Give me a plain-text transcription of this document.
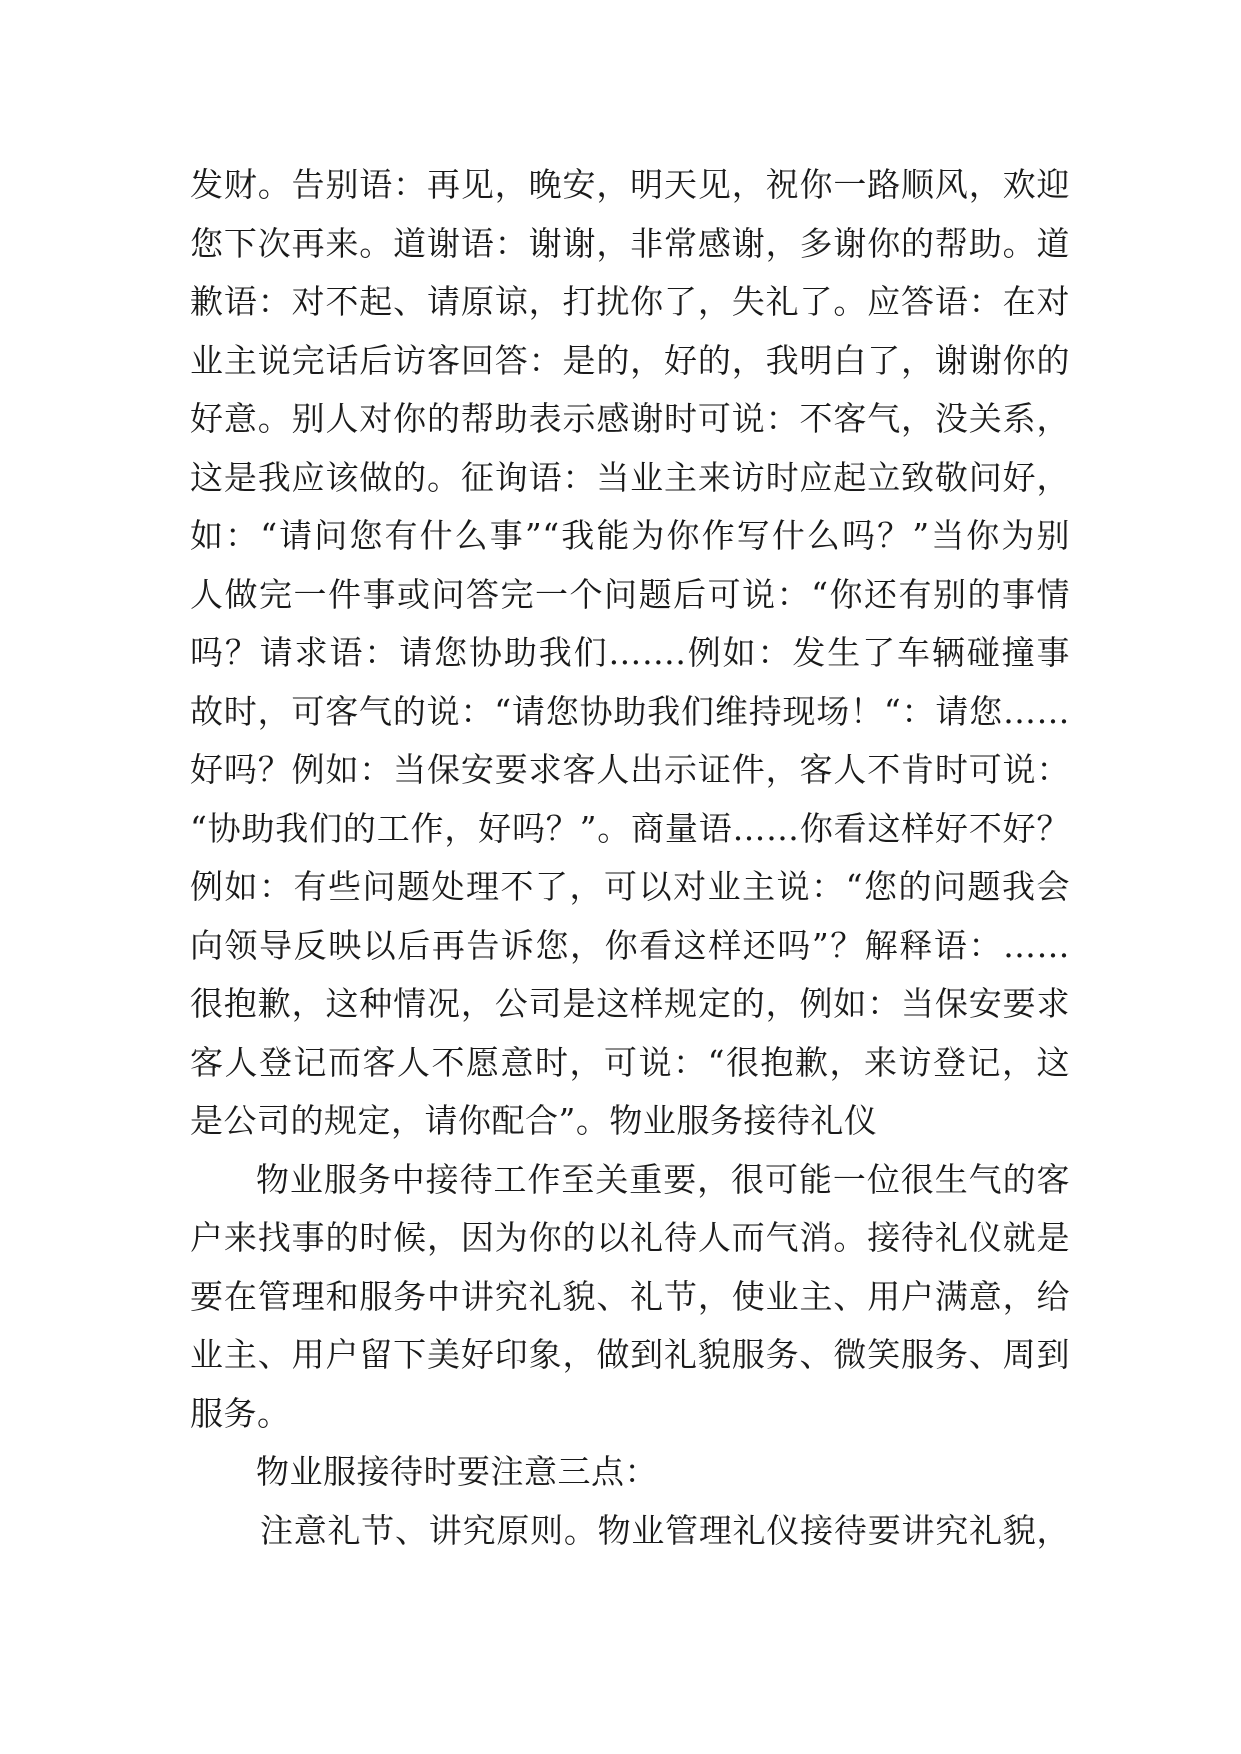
发财。告别语：再见，晚安，明天见，祝你一路顺风，欢迎
您下次再来。道谢语：谢谢，非常感谢，多谢你的帮助。道
歉语：对不起、请原谅，打扰你了，失礼了。应答语：在对
业主说完话后访客回答：是的，好的，我明白了，谢谢你的
好意。别人对你的帮助表示感谢时可说：不客气，没关系，
这是我应该做的。征询语：当业主来访时应起立致敬问好，
如：“请问您有什么事”“我能为你作写什么吗？”当你为别
人做完一件事或问答完一个问题后可说：“你还有别的事情
吗？请求语：请您协助我们…….例如：发生了车辆碰撞事
故时，可客气的说：“请您协助我们维持现场！“：请您……
好吗？例如：当保安要求客人出示证件，客人不肯时可说：
“协助我们的工作，好吗？”。商量语……你看这样好不好？
例如：有些问题处理不了，可以对业主说：“您的问题我会
向领导反映以后再告诉您，你看这样还吗”？解释语：……
很抱歉，这种情况，公司是这样规定的，例如：当保安要求
客人登记而客人不愿意时，可说：“很抱歉，来访登记，这
是公司的规定，请你配合”。物业服务接待礼仪
物业服务中接待工作至关重要，很可能一位很生气的客
户来找事的时候，因为你的以礼待人而气消。接待礼仪就是
要在管理和服务中讲究礼貌、礼节，使业主、用户满意，给
业主、用户留下美好印象，做到礼貌服务、微笑服务、周到
服务。
物业服接待时要注意三点：
注意礼节、讲究原则。物业管理礼仪接待要讲究礼貌，
